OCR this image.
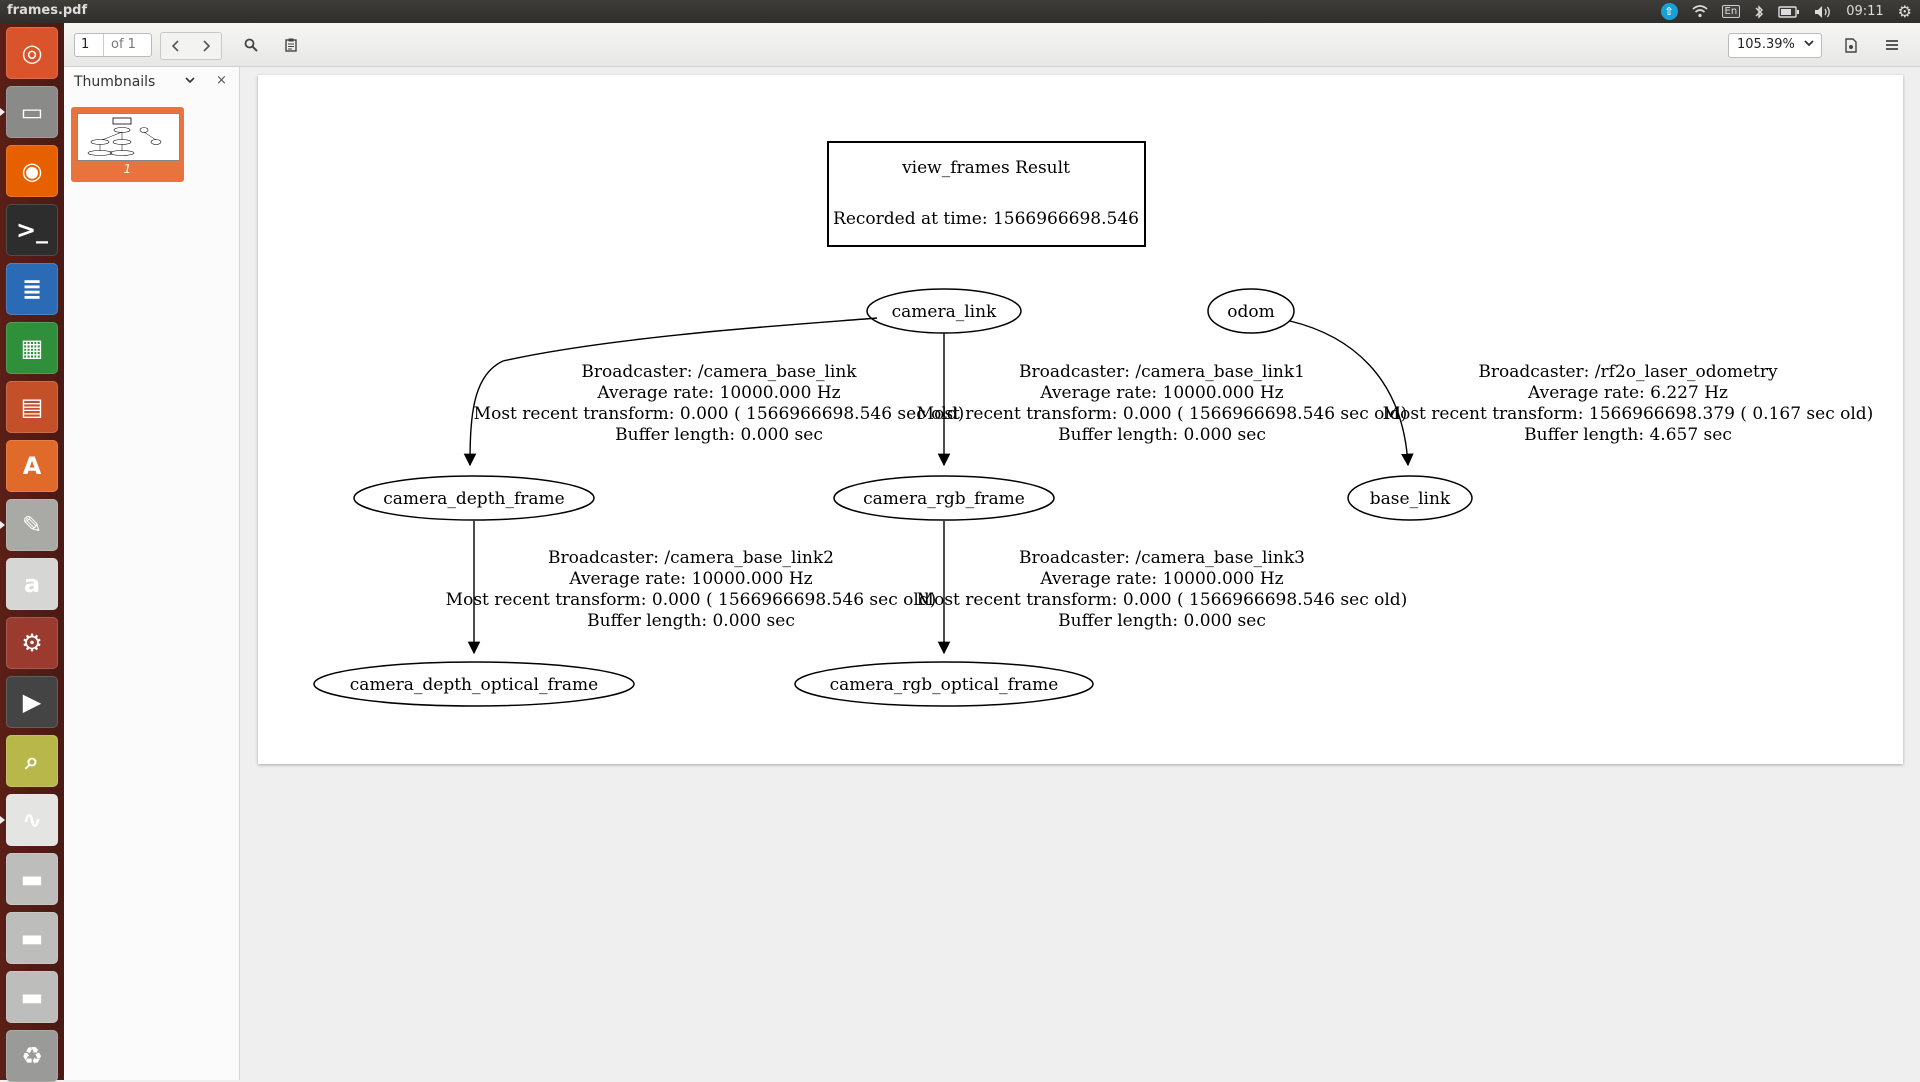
frames.pdf	⇧	En	09:11 ⚙
◎
▭
◉
>_
≣
▦
▤
A
✎
a
⚙
▶
⌕
∿
▬
▬
▬
♻
1 of 1	105.39%
Thumbnails	×
1	view_frames Result
Recorded at time: 1566966698.546
camera_link	odom
camera_depth_frame	camera_rgb_frame	base_link
camera_depth_optical_frame	camera_rgb_optical_frame
Broadcaster: /camera_base_link
Average rate: 10000.000 Hz
Most recent transform: 0.000 ( 1566966698.546 sec old)
Buffer length: 0.000 sec
Broadcaster: /camera_base_link1
Average rate: 10000.000 Hz
Most recent transform: 0.000 ( 1566966698.546 sec old)
Buffer length: 0.000 sec
Broadcaster: /rf2o_laser_odometry
Average rate: 6.227 Hz
Most recent transform: 1566966698.379 ( 0.167 sec old)
Buffer length: 4.657 sec
Broadcaster: /camera_base_link2
Average rate: 10000.000 Hz
Most recent transform: 0.000 ( 1566966698.546 sec old)
Buffer length: 0.000 sec
Broadcaster: /camera_base_link3
Average rate: 10000.000 Hz
Most recent transform: 0.000 ( 1566966698.546 sec old)
Buffer length: 0.000 sec
